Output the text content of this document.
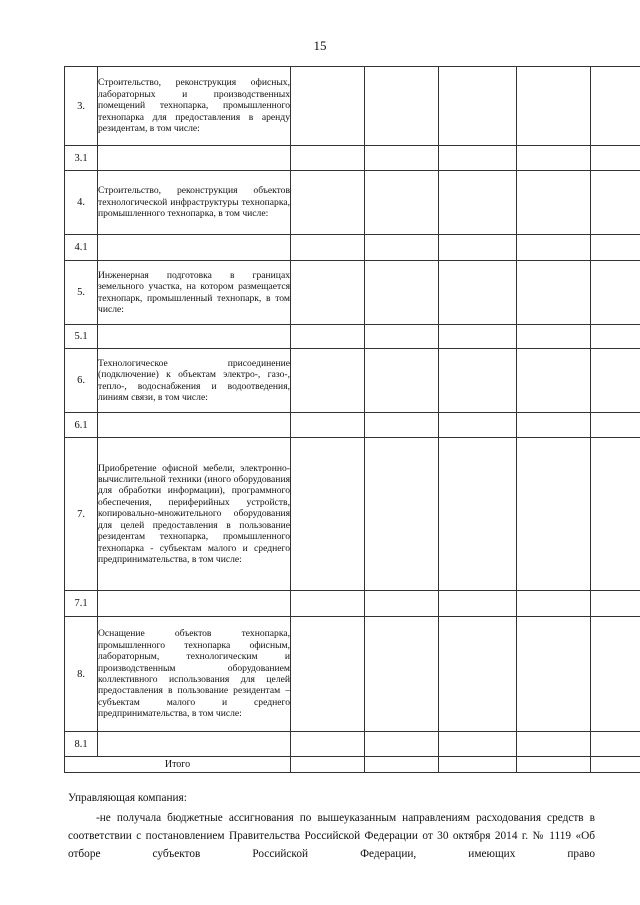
15
3.	Строительство, реконструкция офисных, лабораторных и производственных помещений технопарка, промышленного технопарка для предоставления в аренду резидентам, в том числе:					
3.1						
4.	Строительство, реконструкция объектов технологической инфраструктуры технопарка, промышленного технопарка, в том числе:					
4.1						
5.	Инженерная подготовка в границах земельного участка, на котором размещается технопарк, промышленный технопарк, в том числе:					
5.1						
6.	Технологическое присоединение (подключение) к объектам электро-, газо-, тепло-, водоснабжения и водоотведения, линиям связи, в том числе:					
6.1						
7.	Приобретение офисной мебели, электронно-вычислительной техники (иного оборудования для обработки информации), программного обеспечения, периферийных устройств, копировально-множительного оборудования для целей предоставления в пользование резидентам технопарка, промышленного технопарка - субъектам малого и среднего предпринимательства, в том числе:					
7.1						
8.	Оснащение объектов технопарка, промышленного технопарка офисным, лабораторным, технологическим и производственным оборудованием коллективного использования для целей предоставления в пользование резидентам – субъектам малого и среднего предпринимательства, в том числе:					
8.1						
Итого						
Управляющая компания:
-не получала бюджетные ассигнования по вышеуказанным направлениям расходования средств в соответствии с постановлением Правительства Российской Федерации от 30 октября 2014 г. № 1119 «Об отборе субъектов Российской Федерации, имеющих право
